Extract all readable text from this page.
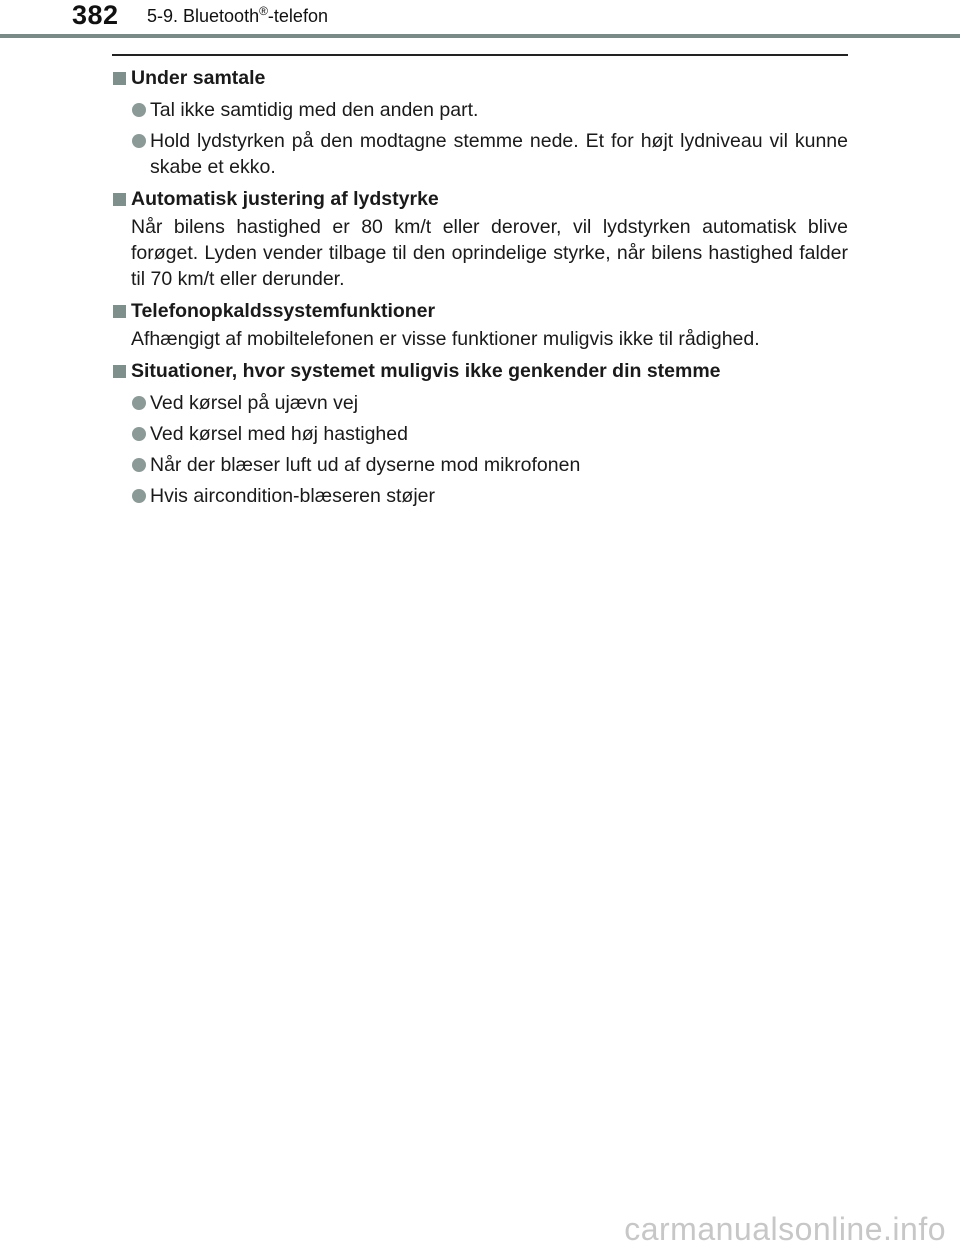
382 5-9. Bluetooth®-telefon
Under samtale
Tal ikke samtidig med den anden part.
Hold lydstyrken på den modtagne stemme nede. Et for højt lydniveau vil kunne skabe et ekko.
Automatisk justering af lydstyrke
Når bilens hastighed er 80 km/t eller derover, vil lydstyrken automatisk blive forøget. Lyden vender tilbage til den oprindelige styrke, når bilens hastighed falder til 70 km/t eller derunder.
Telefonopkaldssystemfunktioner
Afhængigt af mobiltelefonen er visse funktioner muligvis ikke til rådighed.
Situationer, hvor systemet muligvis ikke genkender din stemme
Ved kørsel på ujævn vej
Ved kørsel med høj hastighed
Når der blæser luft ud af dyserne mod mikrofonen
Hvis aircondition-blæseren støjer
carmanualsonline.info
